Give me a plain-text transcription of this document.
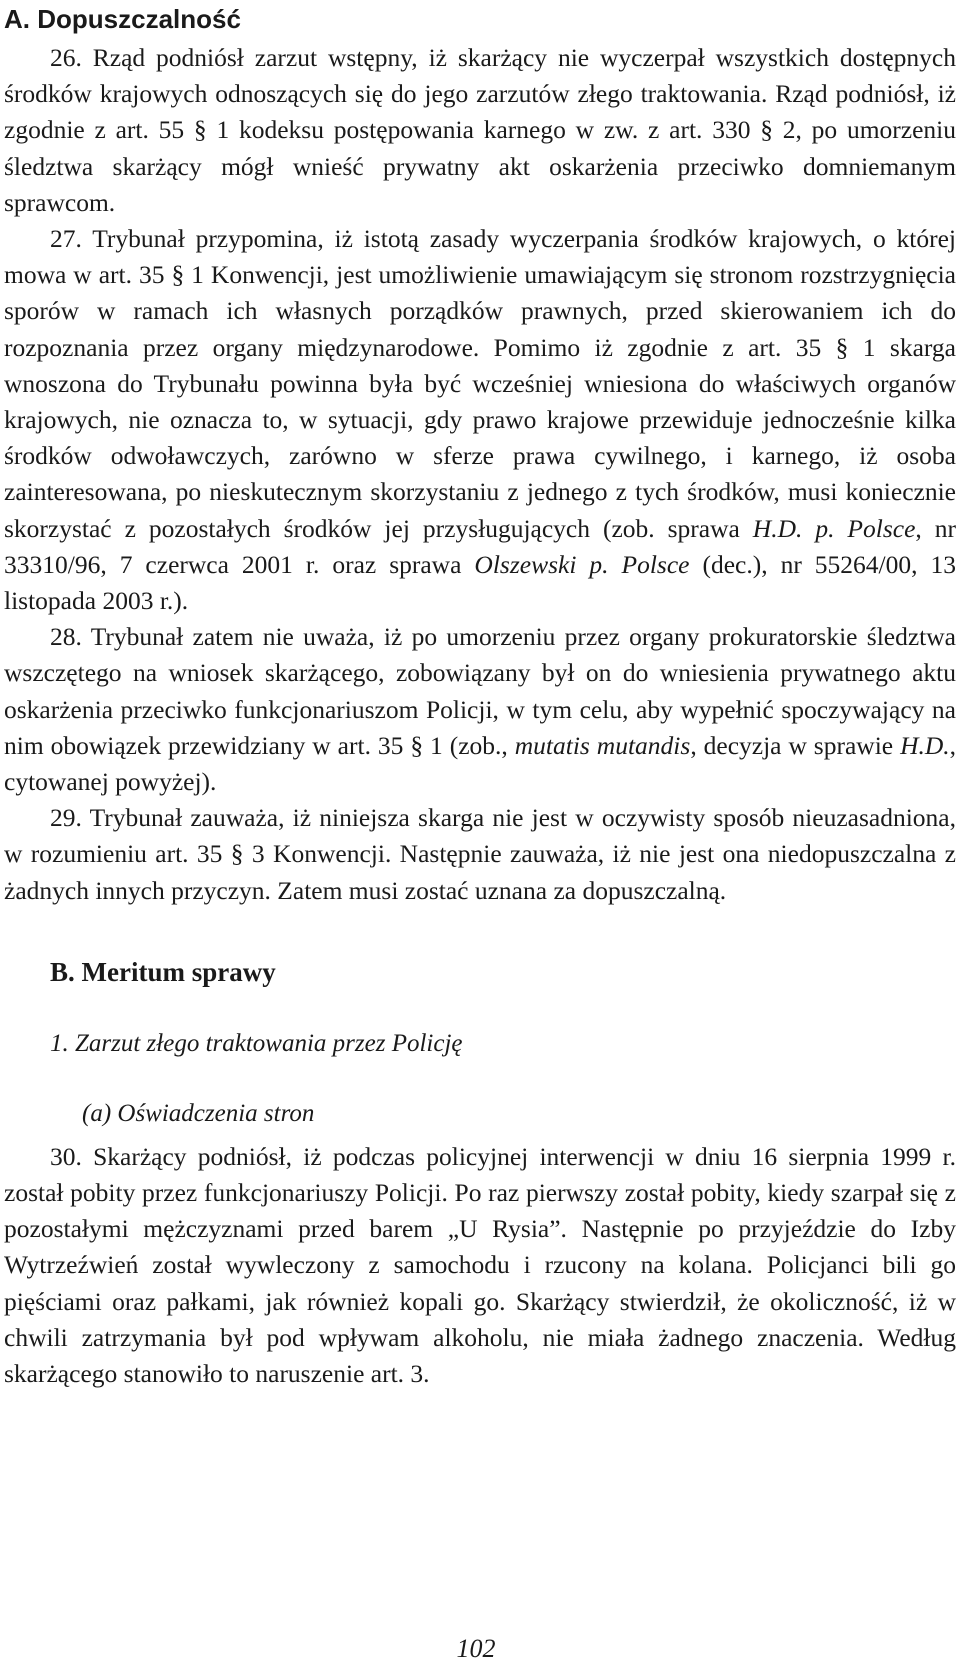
A. Dopuszczalność

26. Rząd podniósł zarzut wstępny, iż skarżący nie wyczerpał wszystkich dostępnych środków krajowych odnoszących się do jego zarzutów złego traktowania. Rząd podniósł, iż zgodnie z art. 55 § 1 kodeksu postępowania karnego w zw. z art. 330 § 2, po umorzeniu śledztwa skarżący mógł wnieść prywatny akt oskarżenia przeciwko domniemanym sprawcom.

27. Trybunał przypomina, iż istotą zasady wyczerpania środków krajowych, o której mowa w art. 35 § 1 Konwencji, jest umożliwienie umawiającym się stronom rozstrzygnięcia sporów w ramach ich własnych porządków prawnych, przed skierowaniem ich do rozpoznania przez organy międzynarodowe. Pomimo iż zgodnie z art. 35 § 1 skarga wnoszona do Trybunału powinna była być wcześniej wniesiona do właściwych organów krajowych, nie oznacza to, w sytuacji, gdy prawo krajowe przewiduje jednocześnie kilka środków odwoławczych, zarówno w sferze prawa cywilnego, i karnego, iż osoba zainteresowana, po nieskutecznym skorzystaniu z jednego z tych środków, musi koniecznie skorzystać z pozostałych środków jej przysługujących (zob. sprawa H.D. p. Polsce, nr 33310/96, 7 czerwca 2001 r. oraz sprawa Olszewski p. Polsce (dec.), nr 55264/00, 13 listopada 2003 r.).

28. Trybunał zatem nie uważa, iż po umorzeniu przez organy prokuratorskie śledztwa wszczętego na wniosek skarżącego, zobowiązany był on do wniesienia prywatnego aktu oskarżenia przeciwko funkcjonariuszom Policji, w tym celu, aby wypełnić spoczywający na nim obowiązek przewidziany w art. 35 § 1 (zob., mutatis mutandis, decyzja w sprawie H.D., cytowanej powyżej).

29. Trybunał zauważa, iż niniejsza skarga nie jest w oczywisty sposób nieuzasadniona, w rozumieniu art. 35 § 3 Konwencji. Następnie zauważa, iż nie jest ona niedopuszczalna z żadnych innych przyczyn. Zatem musi zostać uznana za dopuszczalną.

B. Meritum sprawy
1. Zarzut złego traktowania przez Policję
(a) Oświadczenia stron

30. Skarżący podniósł, iż podczas policyjnej interwencji w dniu 16 sierpnia 1999 r. został pobity przez funkcjonariuszy Policji. Po raz pierwszy został pobity, kiedy szarpał się z pozostałymi mężczyznami przed barem „U Rysia”. Następnie po przyjeździe do Izby Wytrzeźwień został wywleczony z samochodu i rzucony na kolana. Policjanci bili go pięściami oraz pałkami, jak również kopali go. Skarżący stwierdził, że okoliczność, iż w chwili zatrzymania był pod wpływam alkoholu, nie miała żadnego znaczenia. Według skarżącego stanowiło to naruszenie art. 3.

102
